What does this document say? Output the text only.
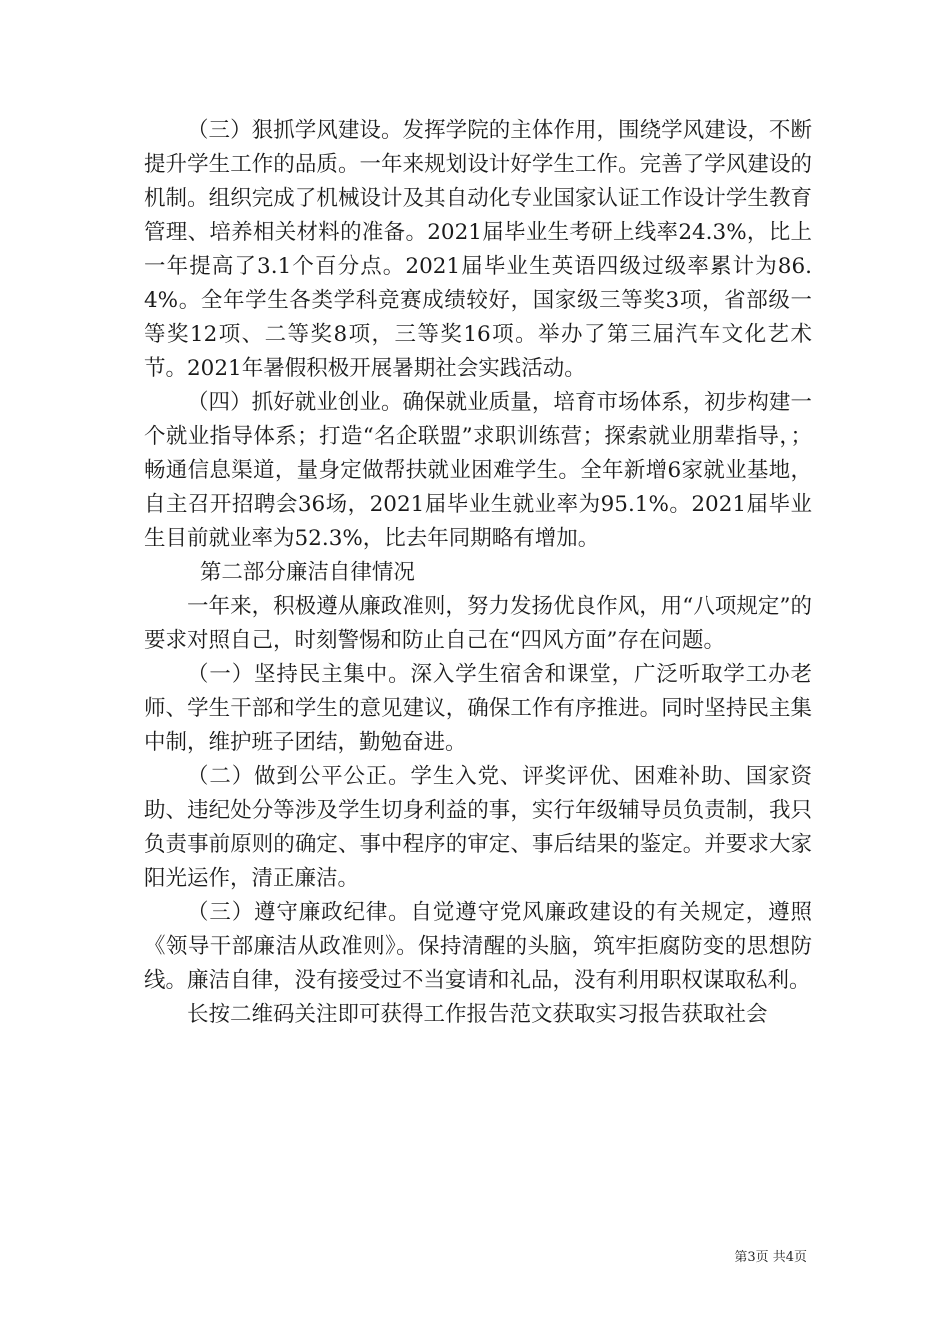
（三）狠抓学风建设。发挥学院的主体作用，围绕学风建设，不断提升学生工作的品质。一年来规划设计好学生工作。完善了学风建设的机制。组织完成了机械设计及其自动化专业国家认证工作设计学生教育管理、培养相关材料的准备。2021届毕业生考研上线率24.3%，比上一年提高了3.1个百分点。2021届毕业生英语四级过级率累计为86.4%。全年学生各类学科竞赛成绩较好，国家级三等奖3项，省部级一等奖12项、二等奖8项，三等奖16项。举办了第三届汽车文化艺术节。2021年暑假积极开展暑期社会实践活动。

（四）抓好就业创业。确保就业质量，培育市场体系，初步构建一个就业指导体系；打造“名企联盟”求职训练营；探索就业朋辈指导，；畅通信息渠道，量身定做帮扶就业困难学生。全年新增6家就业基地，自主召开招聘会36场，2021届毕业生就业率为95.1%。2021届毕业生目前就业率为52.3%，比去年同期略有增加。

第二部分廉洁自律情况

一年来，积极遵从廉政准则，努力发扬优良作风，用“八项规定”的要求对照自己，时刻警惕和防止自己在“四风方面”存在问题。

（一）坚持民主集中。深入学生宿舍和课堂，广泛听取学工办老师、学生干部和学生的意见建议，确保工作有序推进。同时坚持民主集中制，维护班子团结，勤勉奋进。

（二）做到公平公正。学生入党、评奖评优、困难补助、国家资助、违纪处分等涉及学生切身利益的事，实行年级辅导员负责制，我只负责事前原则的确定、事中程序的审定、事后结果的鉴定。并要求大家阳光运作，清正廉洁。

（三）遵守廉政纪律。自觉遵守党风廉政建设的有关规定，遵照《领导干部廉洁从政准则》。保持清醒的头脑，筑牢拒腐防变的思想防线。廉洁自律，没有接受过不当宴请和礼品，没有利用职权谋取私利。

长按二维码关注即可获得工作报告范文获取实习报告获取社会

第3页 共4页
